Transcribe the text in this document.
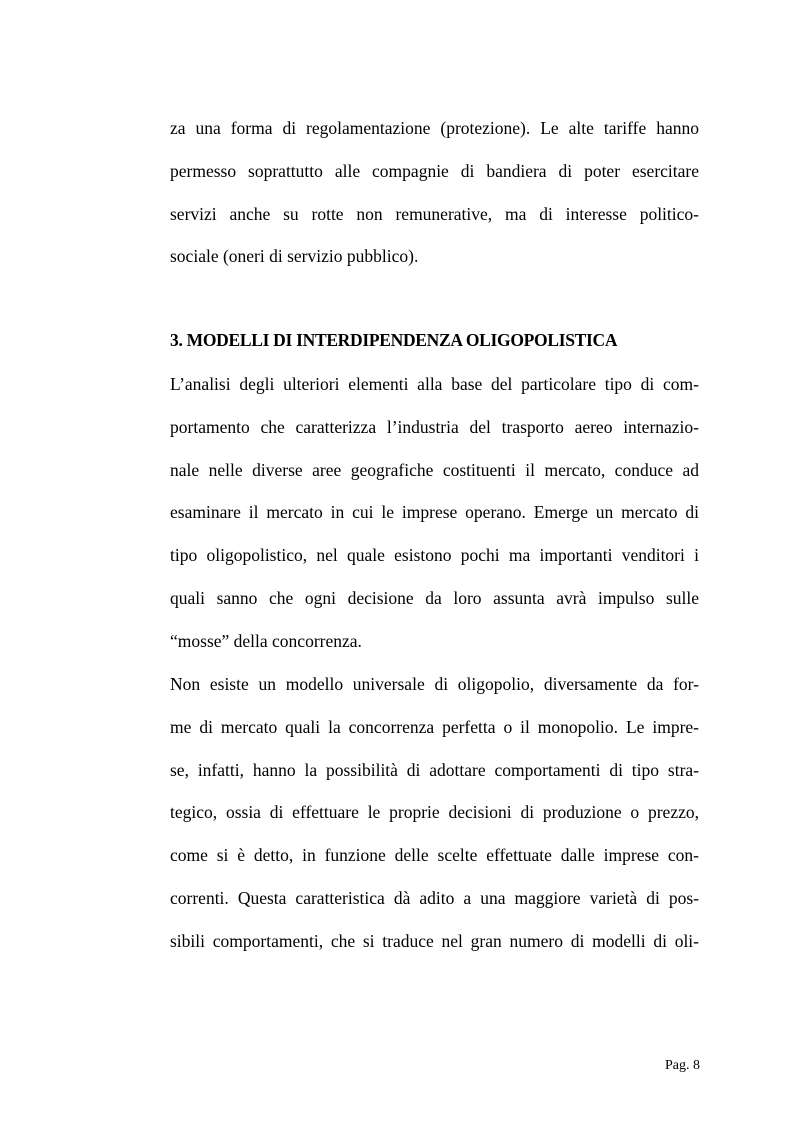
za una forma di regolamentazione (protezione). Le alte tariffe hanno
permesso soprattutto alle compagnie di bandiera di poter esercitare
servizi anche su rotte non remunerative, ma di interesse politico-
sociale (oneri di servizio pubblico).
3. MODELLI DI INTERDIPENDENZA OLIGOPOLISTICA
L’analisi degli ulteriori elementi alla base del particolare tipo di com-
portamento che caratterizza l’industria del trasporto aereo internazio-
nale nelle diverse aree geografiche costituenti il mercato, conduce ad
esaminare il mercato in cui le imprese operano. Emerge un mercato di
tipo oligopolistico, nel quale esistono pochi ma importanti venditori i
quali sanno che ogni decisione da loro assunta avrà impulso sulle
“mosse” della concorrenza.
Non esiste un modello universale di oligopolio, diversamente da for-
me di mercato quali la concorrenza perfetta o il monopolio. Le impre-
se, infatti, hanno la possibilità di adottare comportamenti di tipo stra-
tegico, ossia di effettuare le proprie decisioni di produzione o prezzo,
come si è detto, in funzione delle scelte effettuate dalle imprese con-
correnti. Questa caratteristica dà adito a una maggiore varietà di pos-
sibili comportamenti, che si traduce nel gran numero di modelli di oli-
Pag. 8
